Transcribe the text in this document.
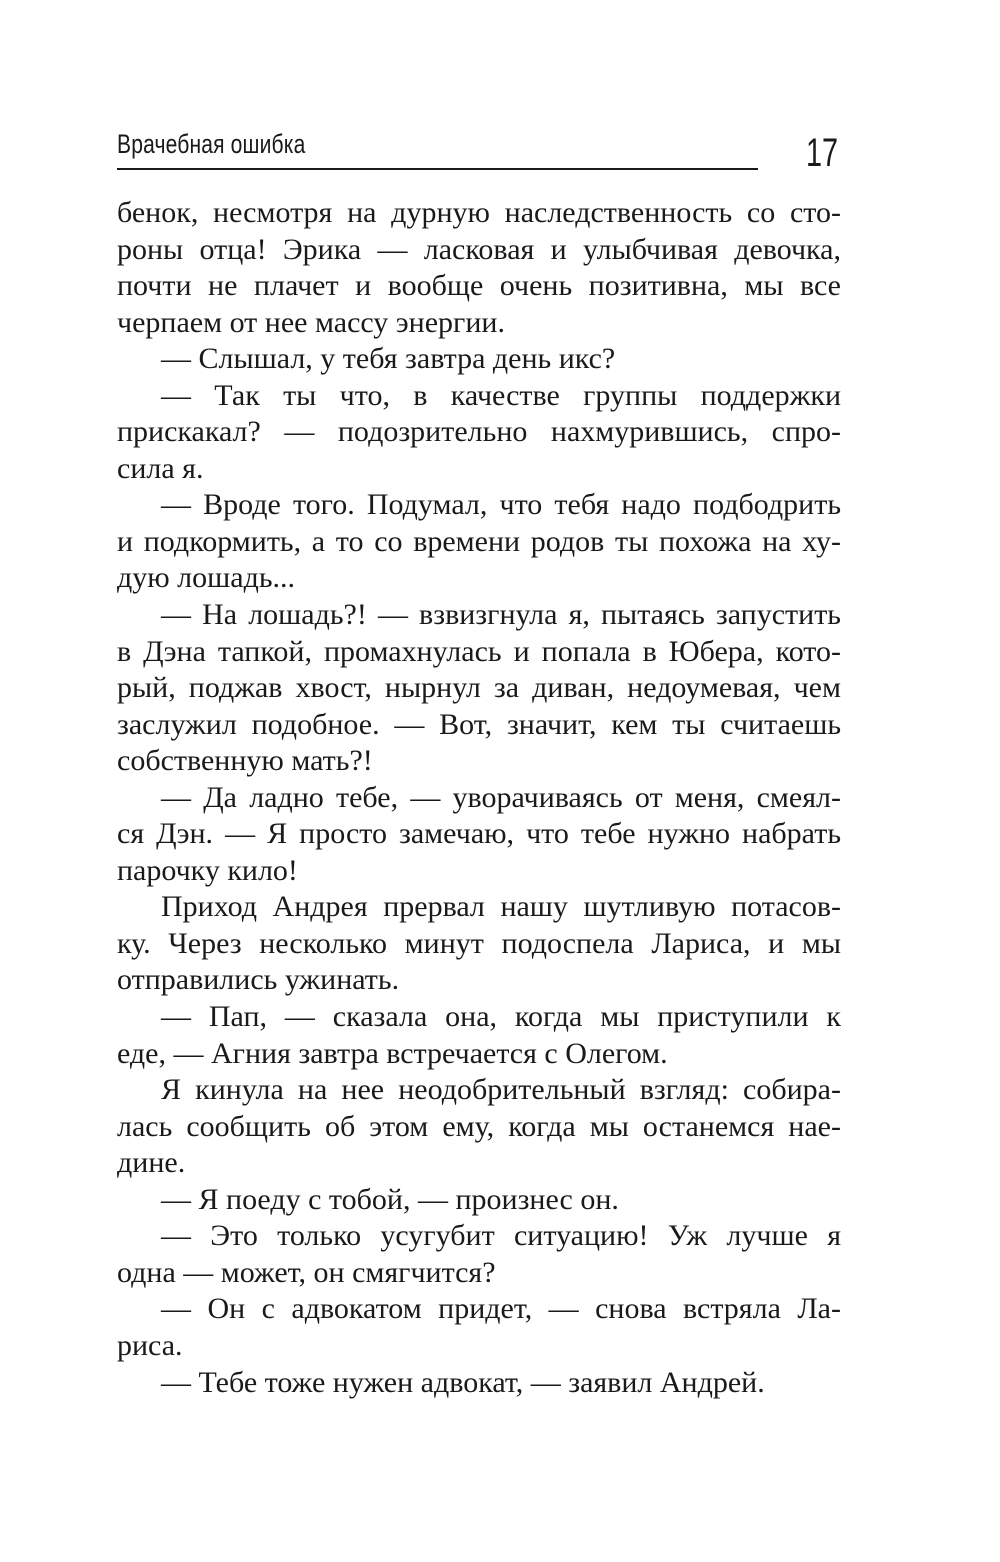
Врачебная ошибка	17
бенок, несмотря на дурную наследственность со сто-
роны отца! Эрика — ласковая и улыбчивая девочка,
почти не плачет и вообще очень позитивна, мы все
черпаем от нее массу энергии.
— Слышал, у тебя завтра день икс?
— Так ты что, в качестве группы поддержки
прискакал? — подозрительно нахмурившись, спро-
сила я.
— Вроде того. Подумал, что тебя надо подбодрить
и подкормить, а то со времени родов ты похожа на ху-
дую лошадь...
— На лошадь?! — взвизгнула я, пытаясь запустить
в Дэна тапкой, промахнулась и попала в Юбера, кото-
рый, поджав хвост, нырнул за диван, недоумевая, чем
заслужил подобное. — Вот, значит, кем ты считаешь
собственную мать?!
— Да ладно тебе, — уворачиваясь от меня, смеял-
ся Дэн. — Я просто замечаю, что тебе нужно набрать
парочку кило!
Приход Андрея прервал нашу шутливую потасов-
ку. Через несколько минут подоспела Лариса, и мы
отправились ужинать.
— Пап, — сказала она, когда мы приступили к
еде, — Агния завтра встречается с Олегом.
Я кинула на нее неодобрительный взгляд: собира-
лась сообщить об этом ему, когда мы останемся нае-
дине.
— Я поеду с тобой, — произнес он.
— Это только усугубит ситуацию! Уж лучше я
одна — может, он смягчится?
— Он с адвокатом придет, — снова встряла Ла-
риса.
— Тебе тоже нужен адвокат, — заявил Андрей.
